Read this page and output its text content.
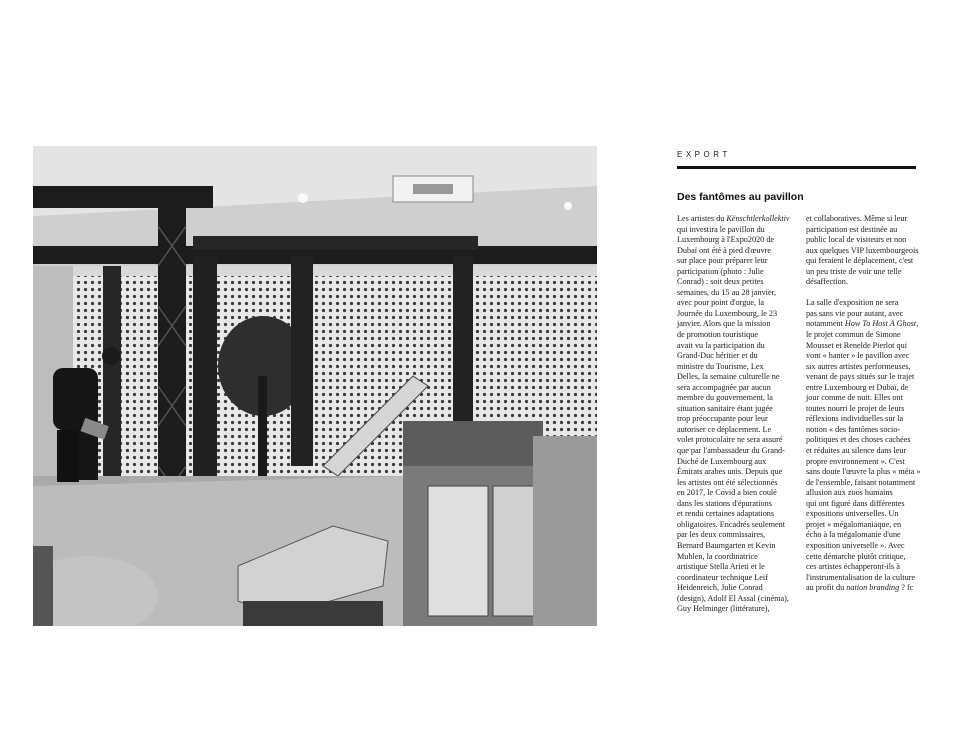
EXPORT
Des fantômes au pavillon
Les artistes du Kënschtlerkollektiv
qui investira le pavillon du
Luxembourg à l'Expo2020 de
Dubaï ont été à pied d'œuvre
sur place pour préparer leur
participation (photo : Julie
Conrad) : soit deux petites
semaines, du 15 au 28 janvier,
avec pour point d'orgue, la
Journée du Luxembourg, le 23
janvier. Alors que la mission
de promotion touristique
avait vu la participation du
Grand-Duc héritier et du
ministre du Tourisme, Lex
Delles, la semaine culturelle ne
sera accompagnée par aucun
membre du gouvernement, la
situation sanitaire étant jugée
trop préoccupante pour leur
autoriser ce déplacement. Le
volet protocolaire ne sera assuré
que par l'ambassadeur du Grand-
Duché de Luxembourg aux
Émirats arabes unis. Depuis que
les artistes ont été sélectionnés
en 2017, le Covid a bien coulé
dans les stations d'épurations
et rendu certaines adaptations
obligatoires. Encadrés seulement
par les deux commissaires,
Bernard Baumgarten et Kevin
Muhlen, la coordinatrice
artistique Stella Arieti et le
coordinateur technique Leif
Heidenreich, Julie Conrad
(design), Adolf El Assal (cinéma),
Guy Helminger (littérature),
et collaboratives. Même si leur
participation est destinée au
public local de visiteurs et non
aux quelques VIP luxembourgeois
qui feraient le déplacement, c'est
un peu triste de voir une telle
désaffection.
La salle d'exposition ne sera
pas sans vie pour autant, avec
notamment How To Host A Ghost,
le projet commun de Simone
Mousset et Renelde Pierlot qui
vont « hanter » le pavillon avec
six autres artistes performeuses,
venant de pays situés sur le trajet
entre Luxembourg et Dubaï, de
jour comme de nuit. Elles ont
toutes nourri le projet de leurs
réflexions individuelles sur la
notion « des fantômes socio-
politiques et des choses cachées
et réduites au silence dans leur
propre environnement ». C'est
sans doute l'œuvre la plus « méta »
de l'ensemble, faisant notamment
allusion aux zoos humains
qui ont figuré dans différentes
expositions universelles. Un
projet « mégalomaniaque, en
écho à la mégalomanie d'une
exposition universelle ». Avec
cette démarche plutôt critique,
ces artistes échapperont-ils à
l'instrumentalisation de la culture
au profit du nation branding ? fc
